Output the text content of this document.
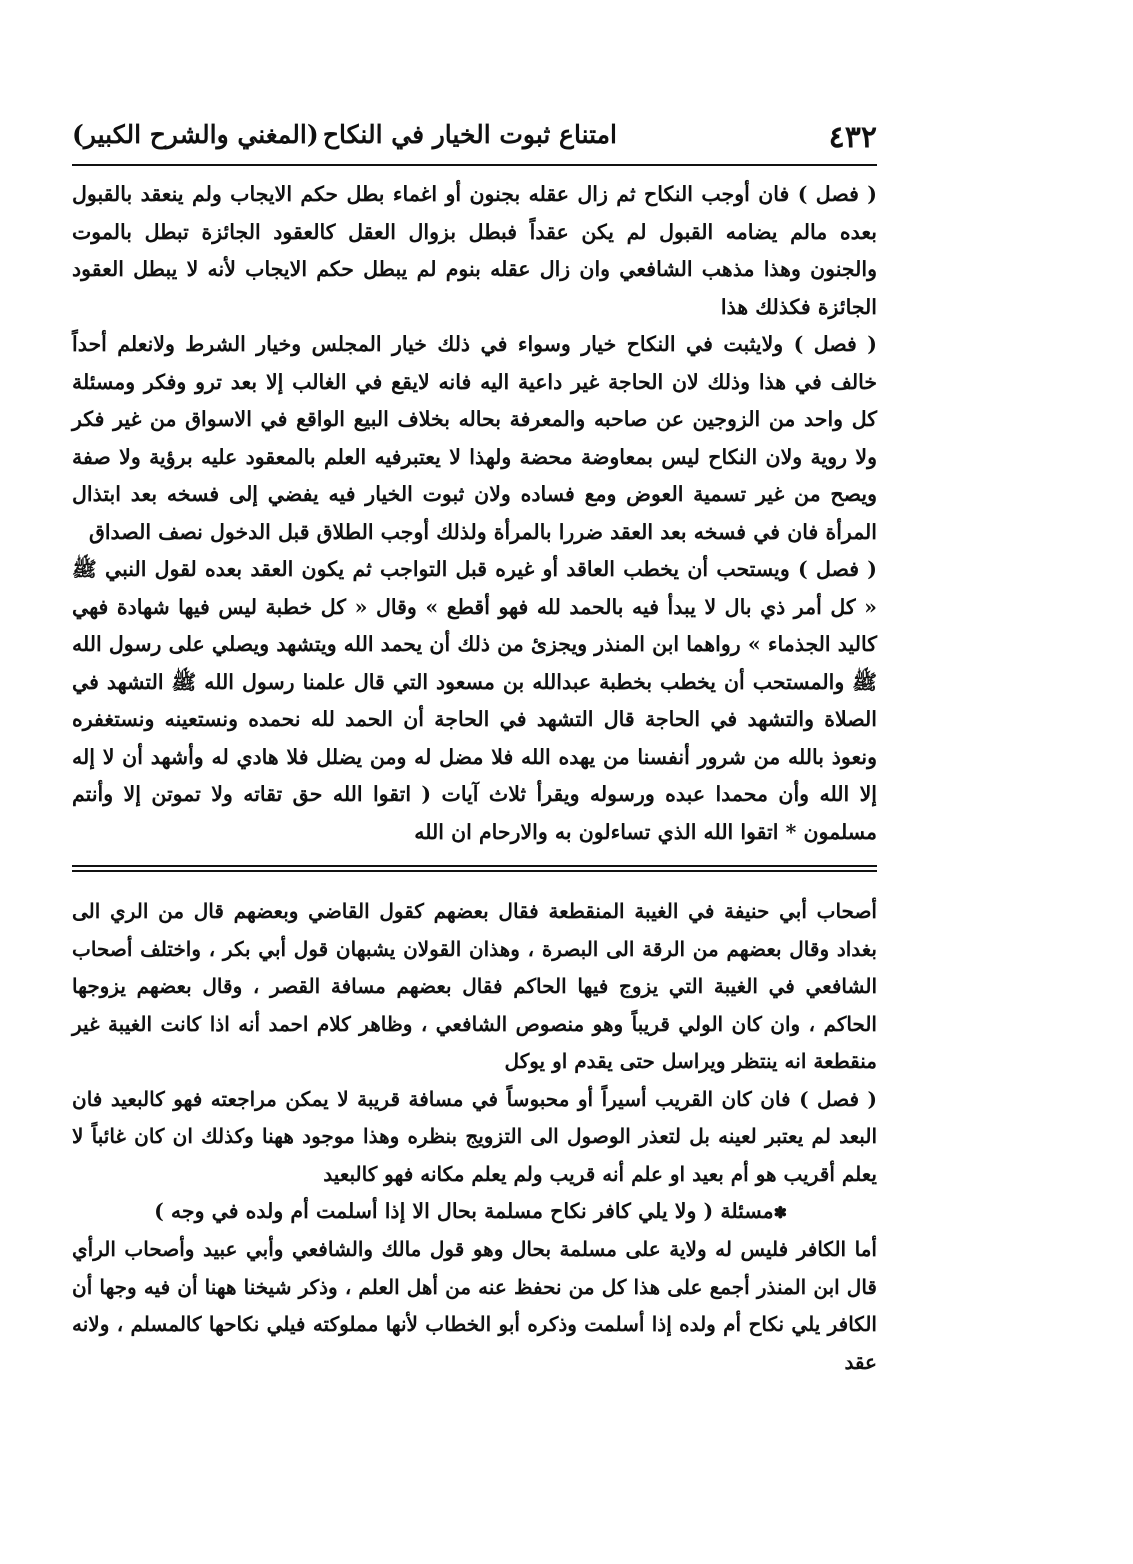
٤٣٢
امتناع ثبوت الخيار في النكاح
(المغني والشرح الكبير)

( فصل ) فان أوجب النكاح ثم زال عقله بجنون أو اغماء بطل حكم الايجاب ولم ينعقد بالقبول بعده مالم يضامه القبول لم يكن عقداً فبطل بزوال العقل كالعقود الجائزة تبطل بالموت والجنون وهذا مذهب الشافعي وان زال عقله بنوم لم يبطل حكم الايجاب لأنه لا يبطل العقود الجائزة فكذلك هذا

( فصل ) ولايثبت في النكاح خيار وسواء في ذلك خيار المجلس وخيار الشرط ولانعلم أحداً خالف في هذا وذلك لان الحاجة غير داعية اليه فانه لايقع في الغالب إلا بعد ترو وفكر ومسئلة كل واحد من الزوجين عن صاحبه والمعرفة بحاله بخلاف البيع الواقع في الاسواق من غير فكر ولا روية ولان النكاح ليس بمعاوضة محضة ولهذا لا يعتبرفيه العلم بالمعقود عليه برؤية ولا صفة ويصح من غير تسمية العوض ومع فساده ولان ثبوت الخيار فيه يفضي إلى فسخه بعد ابتذال المرأة فان في فسخه بعد العقد ضررا بالمرأة ولذلك أوجب الطلاق قبل الدخول نصف الصداق

( فصل ) ويستحب أن يخطب العاقد أو غيره قبل التواجب ثم يكون العقد بعده لقول النبي ﷺ « كل أمر ذي بال لا يبدأ فيه بالحمد لله فهو أقطع » وقال « كل خطبة ليس فيها شهادة فهي كاليد الجذماء » رواهما ابن المنذر ويجزئ من ذلك أن يحمد الله ويتشهد ويصلي على رسول الله ﷺ والمستحب أن يخطب بخطبة عبدالله بن مسعود التي قال علمنا رسول الله ﷺ التشهد في الصلاة والتشهد في الحاجة قال التشهد في الحاجة أن الحمد لله نحمده ونستعينه ونستغفره ونعوذ بالله من شرور أنفسنا من يهده الله فلا مضل له ومن يضلل فلا هادي له وأشهد أن لا إله إلا الله وأن محمدا عبده ورسوله ويقرأ ثلاث آيات ( اتقوا الله حق تقاته ولا تموتن إلا وأنتم مسلمون * اتقوا الله الذي تساءلون به والارحام ان الله

أصحاب أبي حنيفة في الغيبة المنقطعة فقال بعضهم كقول القاضي وبعضهم قال من الري الى بغداد وقال بعضهم من الرقة الى البصرة ، وهذان القولان يشبهان قول أبي بكر ، واختلف أصحاب الشافعي في الغيبة التي يزوج فيها الحاكم فقال بعضهم مسافة القصر ، وقال بعضهم يزوجها الحاكم ، وان كان الولي قريباً وهو منصوص الشافعي ، وظاهر كلام احمد أنه اذا كانت الغيبة غير منقطعة انه ينتظر ويراسل حتى يقدم او يوكل

( فصل ) فان كان القريب أسيراً أو محبوساً في مسافة قريبة لا يمكن مراجعته فهو كالبعيد فان البعد لم يعتبر لعينه بل لتعذر الوصول الى التزويج بنظره وهذا موجود ههنا وكذلك ان كان غائباً لا يعلم أقريب هو أم بعيد او علم أنه قريب ولم يعلم مكانه فهو كالبعيد

✽مسئلة ( ولا يلي كافر نكاح مسلمة بحال الا إذا أسلمت أم ولده في وجه )

أما الكافر فليس له ولاية على مسلمة بحال وهو قول مالك والشافعي وأبي عبيد وأصحاب الرأي قال ابن المنذر أجمع على هذا كل من نحفظ عنه من أهل العلم ، وذكر شيخنا ههنا أن فيه وجها أن الكافر يلي نكاح أم ولده إذا أسلمت وذكره أبو الخطاب لأنها مملوكته فيلي نكاحها كالمسلم ، ولانه عقد
